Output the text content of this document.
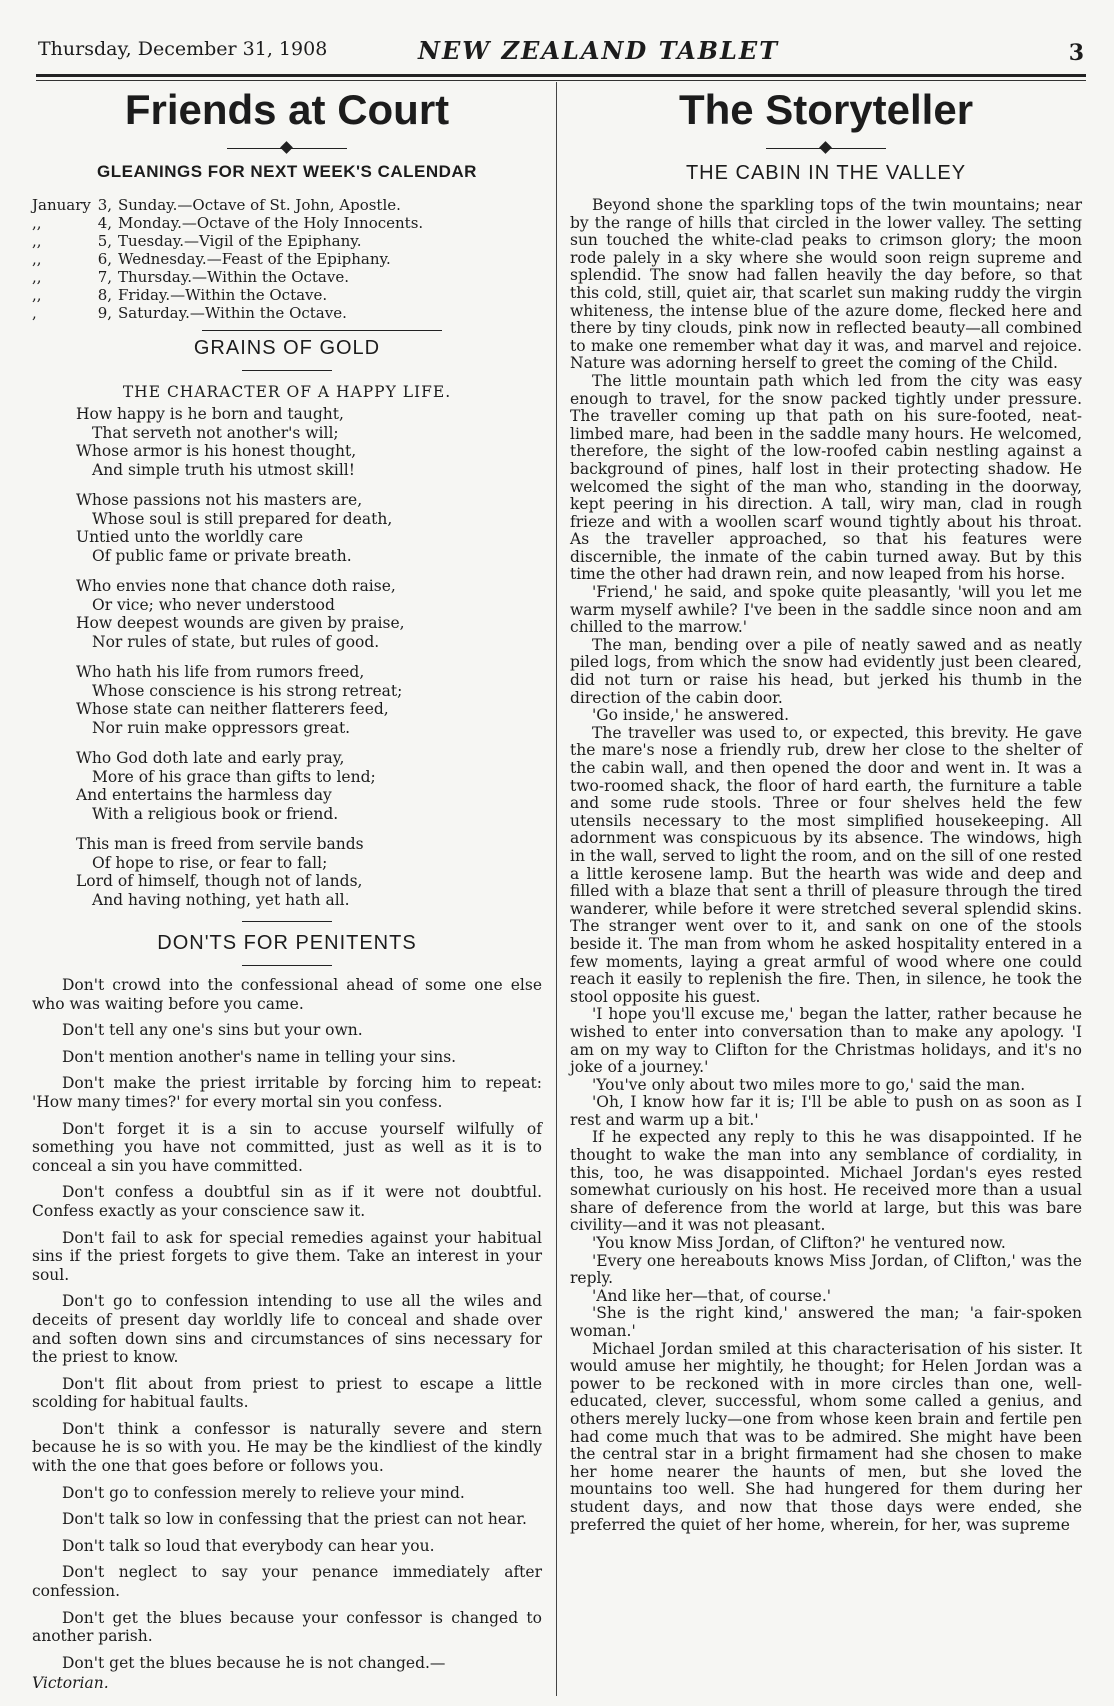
Thursday, December 31, 1908	NEW ZEALAND TABLET	3
Friends at Court
GLEANINGS FOR NEXT WEEK'S CALENDAR
January 3, Sunday.—Octave of St. John, Apostle.
,,	4, Monday.—Octave of the Holy Innocents.
,,	5, Tuesday.—Vigil of the Epiphany.
,,	6, Wednesday.—Feast of the Epiphany.
,,	7, Thursday.—Within the Octave.
,,	8, Friday.—Within the Octave.
,	9, Saturday.—Within the Octave.
GRAINS OF GOLD
THE CHARACTER OF A HAPPY LIFE.
How happy is he born and taught,
That serveth not another's will;
Whose armor is his honest thought,
And simple truth his utmost skill!
Whose passions not his masters are,
Whose soul is still prepared for death,
Untied unto the worldly care
Of public fame or private breath.
Who envies none that chance doth raise,
Or vice; who never understood
How deepest wounds are given by praise,
Nor rules of state, but rules of good.
Who hath his life from rumors freed,
Whose conscience is his strong retreat;
Whose state can neither flatterers feed,
Nor ruin make oppressors great.
Who God doth late and early pray,
More of his grace than gifts to lend;
And entertains the harmless day
With a religious book or friend.
This man is freed from servile bands
Of hope to rise, or fear to fall;
Lord of himself, though not of lands,
And having nothing, yet hath all.
DON'TS FOR PENITENTS

Don't crowd into the confessional ahead of some one else who was waiting before you came.

Don't tell any one's sins but your own.

Don't mention another's name in telling your sins.

Don't make the priest irritable by forcing him to repeat: 'How many times?' for every mortal sin you confess.

Don't forget it is a sin to accuse yourself wilfully of something you have not committed, just as well as it is to conceal a sin you have committed.

Don't confess a doubtful sin as if it were not doubtful. Confess exactly as your conscience saw it.

Don't fail to ask for special remedies against your habitual sins if the priest forgets to give them. Take an interest in your soul.

Don't go to confession intending to use all the wiles and deceits of present day worldly life to conceal and shade over and soften down sins and circumstances of sins necessary for the priest to know.

Don't flit about from priest to priest to escape a little scolding for habitual faults.

Don't think a confessor is naturally severe and stern because he is so with you. He may be the kindliest of the kindly with the one that goes before or follows you.

Don't go to confession merely to relieve your mind.

Don't talk so low in confessing that the priest can not hear.

Don't talk so loud that everybody can hear you.

Don't neglect to say your penance immediately after confession.

Don't get the blues because your confessor is changed to another parish.

Don't get the blues because he is not changed.—

Victorian.
The Storyteller
THE CABIN IN THE VALLEY

Beyond shone the sparkling tops of the twin mountains; near by the range of hills that circled in the lower valley. The setting sun touched the white-clad peaks to crimson glory; the moon rode palely in a sky where she would soon reign supreme and splendid. The snow had fallen heavily the day before, so that this cold, still, quiet air, that scarlet sun making ruddy the virgin whiteness, the intense blue of the azure dome, flecked here and there by tiny clouds, pink now in reflected beauty—all combined to make one remember what day it was, and marvel and rejoice. Nature was adorning herself to greet the coming of the Child.

The little mountain path which led from the city was easy enough to travel, for the snow packed tightly under pressure. The traveller coming up that path on his sure-footed, neat-limbed mare, had been in the saddle many hours. He welcomed, therefore, the sight of the low-roofed cabin nestling against a background of pines, half lost in their protecting shadow. He welcomed the sight of the man who, standing in the doorway, kept peering in his direction. A tall, wiry man, clad in rough frieze and with a woollen scarf wound tightly about his throat. As the traveller approached, so that his features were discernible, the inmate of the cabin turned away. But by this time the other had drawn rein, and now leaped from his horse.

'Friend,' he said, and spoke quite pleasantly, 'will you let me warm myself awhile? I've been in the saddle since noon and am chilled to the marrow.'

The man, bending over a pile of neatly sawed and as neatly piled logs, from which the snow had evidently just been cleared, did not turn or raise his head, but jerked his thumb in the direction of the cabin door.

'Go inside,' he answered.

The traveller was used to, or expected, this brevity. He gave the mare's nose a friendly rub, drew her close to the shelter of the cabin wall, and then opened the door and went in. It was a two-roomed shack, the floor of hard earth, the furniture a table and some rude stools. Three or four shelves held the few utensils necessary to the most simplified housekeeping. All adornment was conspicuous by its absence. The windows, high in the wall, served to light the room, and on the sill of one rested a little kerosene lamp. But the hearth was wide and deep and filled with a blaze that sent a thrill of pleasure through the tired wanderer, while before it were stretched several splendid skins. The stranger went over to it, and sank on one of the stools beside it. The man from whom he asked hospitality entered in a few moments, laying a great armful of wood where one could reach it easily to replenish the fire. Then, in silence, he took the stool opposite his guest.

'I hope you'll excuse me,' began the latter, rather because he wished to enter into conversation than to make any apology. 'I am on my way to Clifton for the Christmas holidays, and it's no joke of a journey.'

'You've only about two miles more to go,' said the man.

'Oh, I know how far it is; I'll be able to push on as soon as I rest and warm up a bit.'

If he expected any reply to this he was disappointed. If he thought to wake the man into any semblance of cordiality, in this, too, he was disappointed. Michael Jordan's eyes rested somewhat curiously on his host. He received more than a usual share of deference from the world at large, but this was bare civility—and it was not pleasant.

'You know Miss Jordan, of Clifton?' he ventured now.

'Every one hereabouts knows Miss Jordan, of Clifton,' was the reply.

'And like her—that, of course.'

'She is the right kind,' answered the man; 'a fair-spoken woman.'

Michael Jordan smiled at this characterisation of his sister. It would amuse her mightily, he thought; for Helen Jordan was a power to be reckoned with in more circles than one, well-educated, clever, successful, whom some called a genius, and others merely lucky—one from whose keen brain and fertile pen had come much that was to be admired. She might have been the central star in a bright firmament had she chosen to make her home nearer the haunts of men, but she loved the mountains too well. She had hungered for them during her student days, and now that those days were ended, she preferred the quiet of her home, wherein, for her, was supreme
